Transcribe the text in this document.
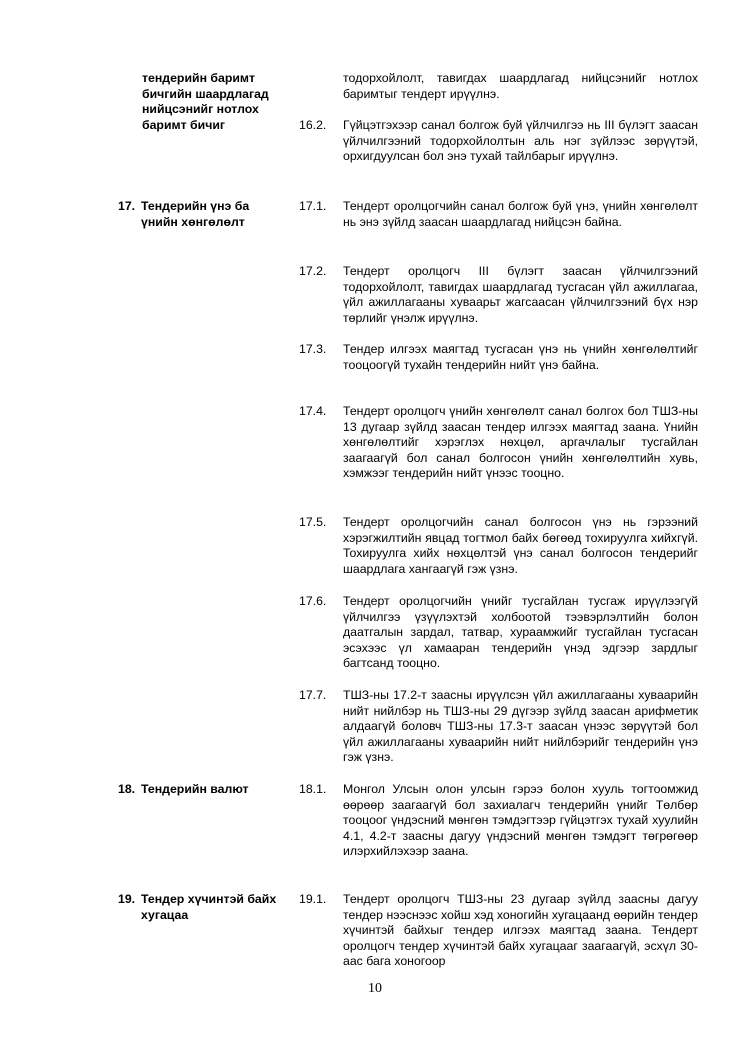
тендерийн баримт бичгийн шаардлагад нийцсэнийг нотлох баримт бичиг
тодорхойлолт, тавигдах шаардлагад нийцсэнийг нотлох баримтыг тендерт ирүүлнэ.
16.2. Гүйцэтгэхээр санал болгож буй үйлчилгээ нь III бүлэгт заасан үйлчилгээний тодорхойлолтын аль нэг зүйлээс зөрүүтэй, орхигдуулсан бол энэ тухай тайлбарыг ирүүлнэ.
17. Тендерийн үнэ ба үнийн хөнгөлөлт
17.1. Тендерт оролцогчийн санал болгож буй үнэ, үнийн хөнгөлөлт нь энэ зүйлд заасан шаардлагад нийцсэн байна.
17.2. Тендерт оролцогч III бүлэгт заасан үйлчилгээний тодорхойлолт, тавигдах шаардлагад тусгасан үйл ажиллагаа, үйл ажиллагааны хуваарьт жагсаасан үйлчилгээний бүх нэр төрлийг үнэлж ирүүлнэ.
17.3. Тендер илгээх маягтад тусгасан үнэ нь үнийн хөнгөлөлтийг тооцоогүй тухайн тендерийн нийт үнэ байна.
17.4. Тендерт оролцогч үнийн хөнгөлөлт санал болгох бол ТШЗ-ны 13 дугаар зүйлд заасан тендер илгээх маягтад заана. Үнийн хөнгөлөлтийг хэрэглэх нөхцөл, аргачлалыг тусгайлан заагаагүй бол санал болгосон үнийн хөнгөлөлтийн хувь, хэмжээг тендерийн нийт үнээс тооцно.
17.5. Тендерт оролцогчийн санал болгосон үнэ нь гэрээний хэрэгжилтийн явцад тогтмол байх бөгөөд тохируулга хийхгүй. Тохируулга хийх нөхцөлтэй үнэ санал болгосон тендерийг шаардлага хангаагүй гэж үзнэ.
17.6. Тендерт оролцогчийн үнийг тусгайлан тусгаж ирүүлээгүй үйлчилгээ үзүүлэхтэй холбоотой тээвэрлэлтийн болон даатгалын зардал, татвар, хураамжийг тусгайлан тусгасан эсэхээс үл хамааран тендерийн үнэд эдгээр зардлыг багтсанд тооцно.
17.7. ТШЗ-ны 17.2-т заасны ирүүлсэн үйл ажиллагааны хуваарийн нийт нийлбэр нь ТШЗ-ны 29 дүгээр зүйлд заасан арифметик алдаагүй боловч ТШЗ-ны 17.3-т заасан үнээс зөрүүтэй бол үйл ажиллагааны хуваарийн нийт нийлбэрийг тендерийн үнэ гэж үзнэ.
18. Тендерийн валют	18.1. Монгол Улсын олон улсын гэрээ болон хууль тогтоомжид өөрөөр заагаагүй бол захиалагч тендерийн үнийг Төлбөр тооцоог үндэсний мөнгөн тэмдэгтээр гүйцэтгэх тухай хуулийн 4.1, 4.2-т заасны дагуу үндэсний мөнгөн тэмдэгт төгрөгөөр илэрхийлэхээр заана.
19. Тендер хүчинтэй байх хугацаа
19.1. Тендерт оролцогч ТШЗ-ны 23 дугаар зүйлд заасны дагуу тендер нээснээс хойш хэд хоногийн хугацаанд өөрийн тендер хүчинтэй байхыг тендер илгээх маягтад заана. Тендерт оролцогч тендер хүчинтэй байх хугацааг заагаагүй, эсхүл 30-аас бага хоногоор
10
